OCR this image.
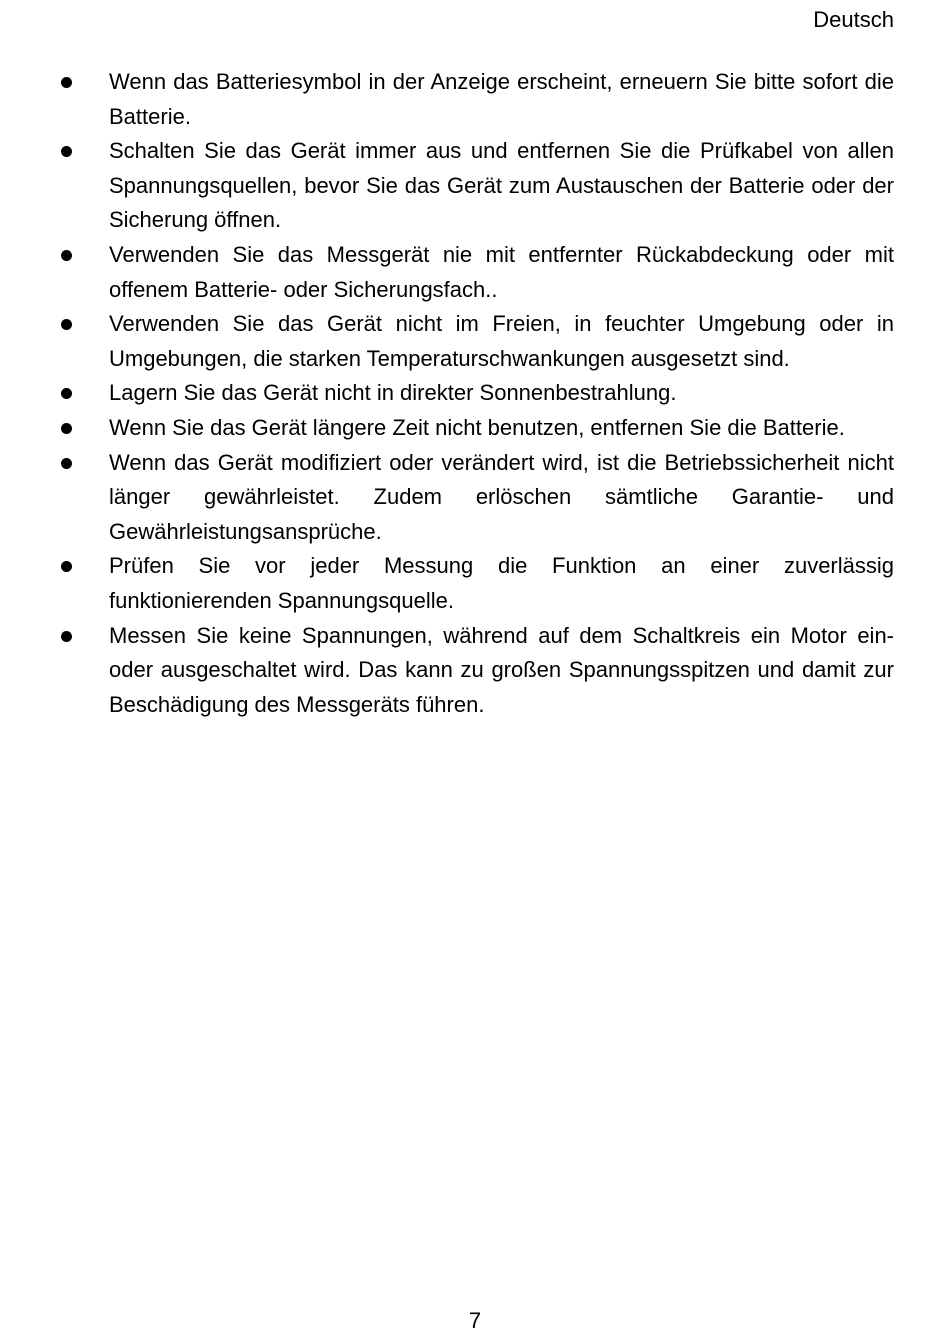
Deutsch
Wenn das Batteriesymbol in der Anzeige erscheint, erneuern Sie bitte sofort die Batterie.
Schalten Sie das Gerät immer aus und entfernen Sie die Prüfkabel von allen Spannungsquellen, bevor Sie das Gerät zum Austauschen der Batterie oder der Sicherung öffnen.
Verwenden Sie das Messgerät nie mit entfernter Rückabdeckung oder mit offenem Batterie- oder Sicherungsfach..
Verwenden Sie das Gerät nicht im Freien, in feuchter Umgebung oder in Umgebungen, die starken Temperaturschwankungen ausgesetzt sind.
Lagern Sie das Gerät nicht in direkter Sonnenbestrahlung.
Wenn Sie das Gerät längere Zeit nicht benutzen, entfernen Sie die Batterie.
Wenn das Gerät modifiziert oder verändert wird, ist die Betriebssicherheit nicht länger gewährleistet. Zudem erlöschen sämtliche Garantie- und Gewährleistungsansprüche.
Prüfen Sie vor jeder Messung die Funktion an einer zuverlässig funktionierenden Spannungsquelle.
Messen Sie keine Spannungen, während auf dem Schaltkreis ein Motor ein- oder ausgeschaltet wird. Das kann zu großen Spannungsspitzen und damit zur Beschädigung des Messgeräts führen.
7
